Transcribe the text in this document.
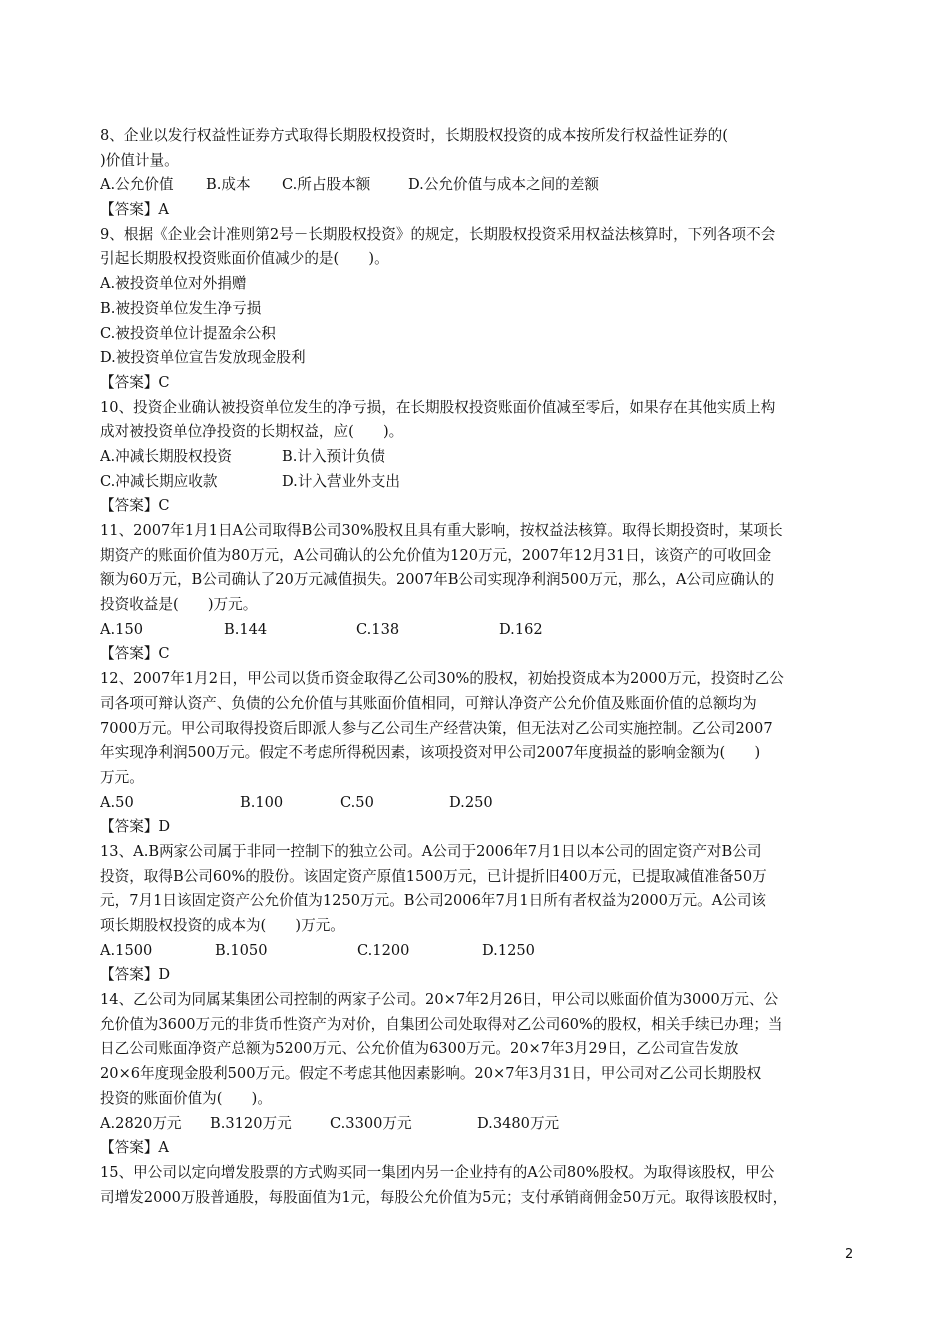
8、企业以发行权益性证券方式取得长期股权投资时，长期股权投资的成本按所发行权益性证券的(
)价值计量。
A.公允价值 B.成本 C.所占股本额	D.公允价值与成本之间的差额
【答案】A
9、根据《企业会计准则第2号－长期股权投资》的规定，长期股权投资采用权益法核算时，下列各项不会
引起长期股权投资账面价值减少的是(　　)。
A.被投资单位对外捐赠
B.被投资单位发生净亏损
C.被投资单位计提盈余公积
D.被投资单位宣告发放现金股利
【答案】C
10、投资企业确认被投资单位发生的净亏损，在长期股权投资账面价值减至零后，如果存在其他实质上构
成对被投资单位净投资的长期权益，应(　　)。
A.冲减长期股权投资	B.计入预计负债
C.冲减长期应收款	D.计入营业外支出
【答案】C
11、2007年1月1日A公司取得B公司30%股权且具有重大影响，按权益法核算。取得长期投资时，某项长
期资产的账面价值为80万元，A公司确认的公允价值为120万元，2007年12月31日，该资产的可收回金
额为60万元，B公司确认了20万元减值损失。2007年B公司实现净利润500万元，那么，A公司应确认的
投资收益是(　　)万元。
A.150	B.144	C.138	D.162
【答案】C
12、2007年1月2日，甲公司以货币资金取得乙公司30%的股权，初始投资成本为2000万元，投资时乙公
司各项可辩认资产、负债的公允价值与其账面价值相同，可辩认净资产公允价值及账面价值的总额均为
7000万元。甲公司取得投资后即派人参与乙公司生产经营决策，但无法对乙公司实施控制。乙公司2007
年实现净利润500万元。假定不考虑所得税因素，该项投资对甲公司2007年度损益的影响金额为(　　)
万元。
A.50	B.100	C.50	D.250
【答案】D
13、A.B两家公司属于非同一控制下的独立公司。A公司于2006年7月1日以本公司的固定资产对B公司
投资，取得B公司60%的股份。该固定资产原值1500万元，已计提折旧400万元，已提取减值准备50万
元，7月1日该固定资产公允价值为1250万元。B公司2006年7月1日所有者权益为2000万元。A公司该
项长期股权投资的成本为(　　)万元。
A.1500	B.1050	C.1200	D.1250
【答案】D
14、乙公司为同属某集团公司控制的两家子公司。20×7年2月26日，甲公司以账面价值为3000万元、公
允价值为3600万元的非货币性资产为对价，自集团公司处取得对乙公司60%的股权，相关手续已办理；当
日乙公司账面净资产总额为5200万元、公允价值为6300万元。20×7年3月29日，乙公司宣告发放
20×6年度现金股利500万元。假定不考虑其他因素影响。20×7年3月31日，甲公司对乙公司长期股权
投资的账面价值为(　　)。
A.2820万元 B.3120万元	C.3300万元	D.3480万元
【答案】A
15、甲公司以定向增发股票的方式购买同一集团内另一企业持有的A公司80%股权。为取得该股权，甲公
司增发2000万股普通股，每股面值为1元，每股公允价值为5元；支付承销商佣金50万元。取得该股权时，
2
